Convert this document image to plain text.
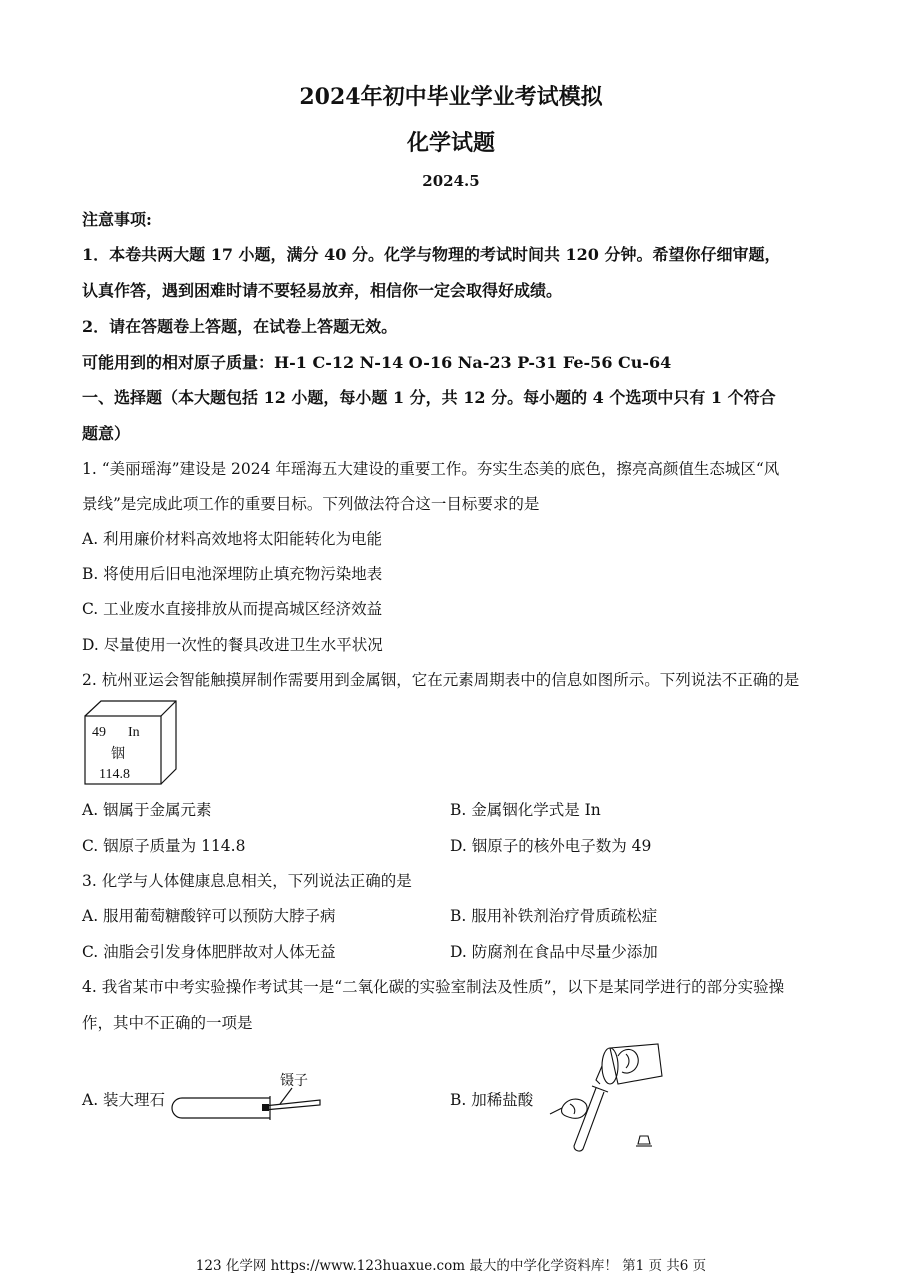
2024年初中毕业学业考试模拟
化学试题
2024.5
注意事项:
1．本卷共两大题 17 小题，满分 40 分。化学与物理的考试时间共 120 分钟。希望你仔细审题，
认真作答，遇到困难时请不要轻易放弃，相信你一定会取得好成绩。
2．请在答题卷上答题，在试卷上答题无效。
可能用到的相对原子质量：H-1 C-12 N-14 O-16 Na-23 P-31 Fe-56 Cu-64
一、选择题（本大题包括 12 小题，每小题 1 分，共 12 分。每小题的 4 个选项中只有 1 个符合
题意）
1. “美丽瑶海”建设是 2024 年瑶海五大建设的重要工作。夯实生态美的底色，擦亮高颜值生态城区“风
景线”是完成此项工作的重要目标。下列做法符合这一目标要求的是
A. 利用廉价材料高效地将太阳能转化为电能
B. 将使用后旧电池深埋防止填充物污染地表
C. 工业废水直接排放从而提高城区经济效益
D. 尽量使用一次性的餐具改进卫生水平状况
2. 杭州亚运会智能触摸屏制作需要用到金属铟，它在元素周期表中的信息如图所示。下列说法不正确的是
49 In
铟
114.8
A. 铟属于金属元素	B. 金属铟化学式是 In
C. 铟原子质量为 114.8	D. 铟原子的核外电子数为 49
3. 化学与人体健康息息相关，下列说法正确的是
A. 服用葡萄糖酸锌可以预防大脖子病	B. 服用补铁剂治疗骨质疏松症
C. 油脂会引发身体肥胖故对人体无益	D. 防腐剂在食品中尽量少添加
4. 我省某市中考实验操作考试其一是“二氧化碳的实验室制法及性质”，以下是某同学进行的部分实验操
作，其中不正确的一项是
A. 装大理石
镊子
B. 加稀盐酸
123 化学网 https://www.123huaxue.com 最大的中学化学资料库！ 第1 页 共6 页
